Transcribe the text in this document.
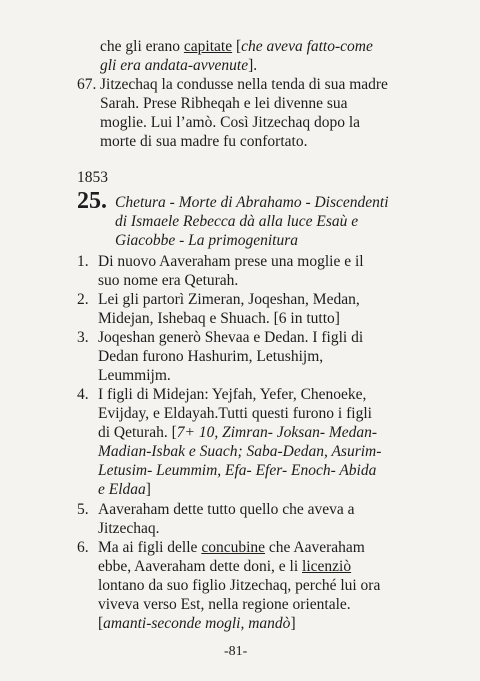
che gli erano capitate [che aveva fatto-come
gli era andata-avvenute].
67. Jitzechaq la condusse nella tenda di sua madre
Sarah. Prese Ribheqah e lei divenne sua
moglie. Lui l’amò. Così Jitzechaq dopo la
morte di sua madre fu confortato.
1853
25. Chetura - Morte di Abrahamo - Discendenti
di Ismaele Rebecca dà alla luce Esaù e
Giacobbe - La primogenitura
1. Di nuovo Aaveraham prese una moglie e il
suo nome era Qeturah.
2. Lei gli partorì Zimeran, Joqeshan, Medan,
Midejan, Ishebaq e Shuach. [6 in tutto]
3. Joqeshan generò Shevaa e Dedan. I figli di
Dedan furono Hashurim, Letushijm,
Leummijm.
4. I figli di Midejan: Yejfah, Yefer, Chenoeke,
Evijday, e Eldayah.Tutti questi furono i figli
di Qeturah. [7+ 10, Zimran- Joksan- Medan-
Madian-Isbak e Suach; Saba-Dedan, Asurim-
Letusim- Leummim, Efa- Efer- Enoch- Abida
e Eldaa]
5. Aaveraham dette tutto quello che aveva a
Jitzechaq.
6. Ma ai figli delle concubine che Aaveraham
ebbe, Aaveraham dette doni, e li licenziò
lontano da suo figlio Jitzechaq, perché lui ora
viveva verso Est, nella regione orientale.
[amanti-seconde mogli, mandò]
-81-
